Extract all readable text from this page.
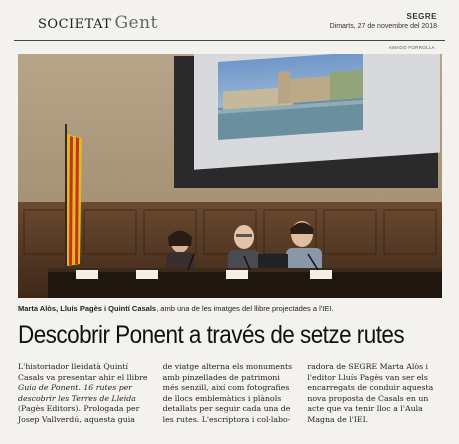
SOCIETAT Gent	SEGRE
Dimarts, 27 de novembre del 2018
AMADO FORROLLA
Marta Alòs, Lluís Pagès i Quintí Casals, amb una de les imatges del llibre projectades a l'IEI.
Descobrir Ponent a través de setze rutes
L'historiador lleidatà Quintí Casals va presentar ahir el llibre Guia de Ponent. 16 rutes per descobrir les Terres de Lleida (Pagès Editors). Prologada per Josep Vallverdú, aquesta guia
de viatge alterna els monuments amb pinzellades de patrimoni més senzill, així com fotografies de llocs emblemàtics i plànols detallats per seguir cada una de les rutes. L'escriptora i col·labo-
radora de SEGRE Marta Alòs i l'editor Lluís Pagès van ser els encarregats de conduir aquesta nova proposta de Casals en un acte que va tenir lloc a l'Aula Magna de l'IEI.
